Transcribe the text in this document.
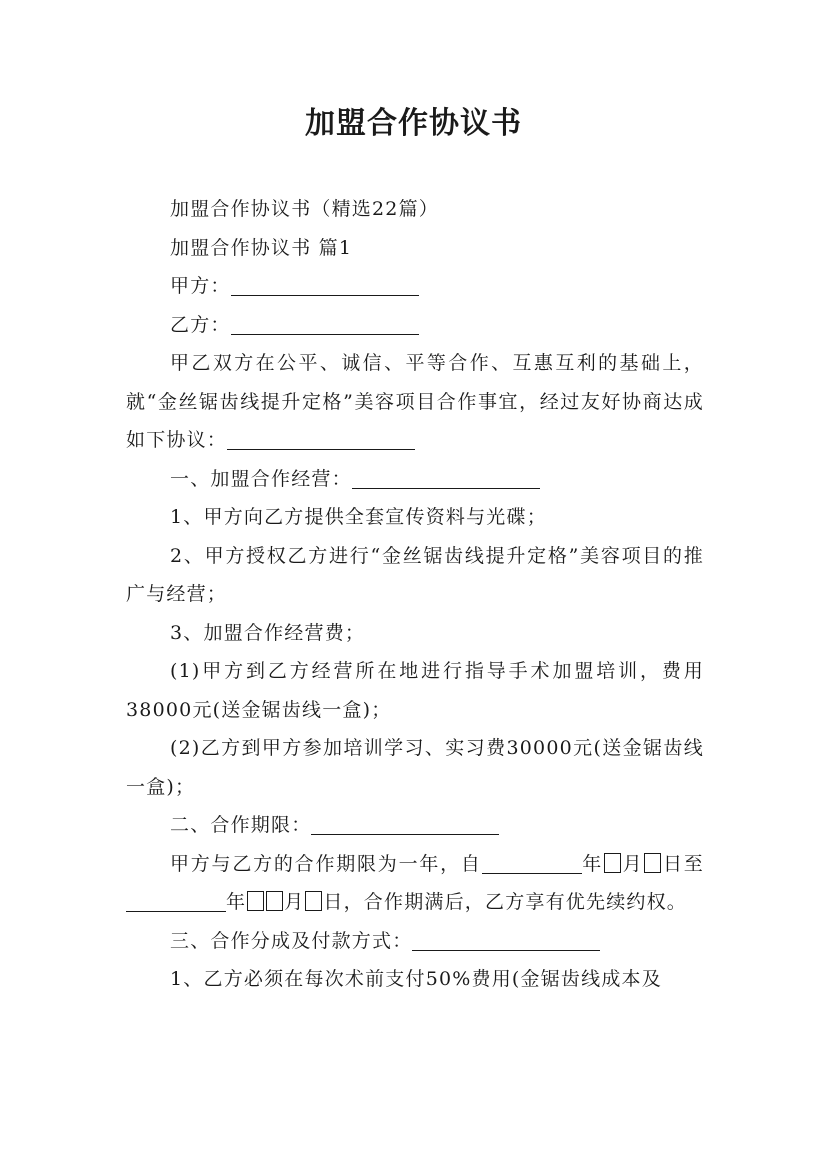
加盟合作协议书

加盟合作协议书（精选22篇）

加盟合作协议书 篇1

甲方：

乙方：

甲乙双方在公平、诚信、平等合作、互惠互利的基础上，就“金丝锯齿线提升定格”美容项目合作事宜，经过友好协商达成如下协议：

一、加盟合作经营：

1、甲方向乙方提供全套宣传资料与光碟；

2、甲方授权乙方进行“金丝锯齿线提升定格”美容项目的推广与经营；

3、加盟合作经营费；

(1)甲方到乙方经营所在地进行指导手术加盟培训，费用38000元(送金锯齿线一盒)；

(2)乙方到甲方参加培训学习、实习费30000元(送金锯齿线一盒)；

二、合作期限：

甲方与乙方的合作期限为一年，自	年 月 日至年 月 日，合作期满后，乙方享有优先续约权。

三、合作分成及付款方式：

1、乙方必须在每次术前支付50%费用(金锯齿线成本及
